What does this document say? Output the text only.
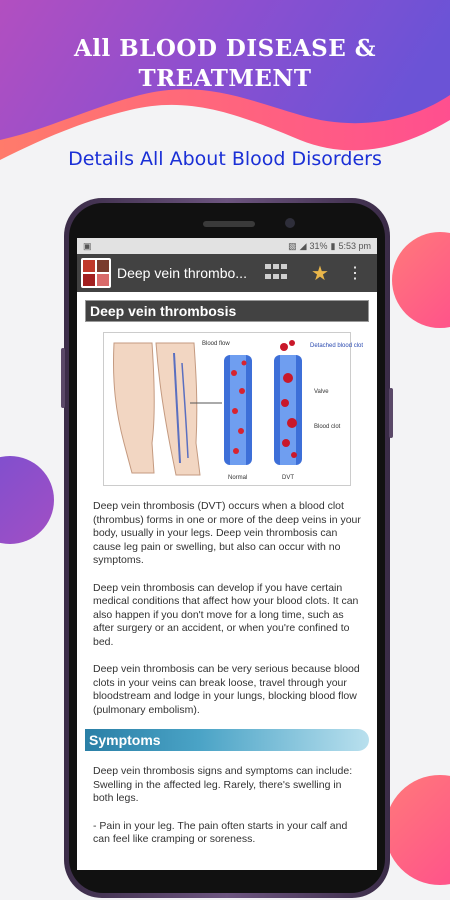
All BLOOD DISEASE &
TREATMENT
Details All About Blood Disorders
▣	▧ ◢ 31% ▮ 5:53 pm
Deep vein thrombo...	★ ⋮
Deep vein thrombosis
Blood flow	Detached blood clot
Valve
Blood clot
Normal	DVT

Deep vein thrombosis (DVT) occurs when a blood clot (thrombus) forms in one or more of the deep veins in your body, usually in your legs. Deep vein thrombosis can cause leg pain or swelling, but also can occur with no symptoms.

Deep vein thrombosis can develop if you have certain medical conditions that affect how your blood clots. It can also happen if you don't move for a long time, such as after surgery or an accident, or when you're confined to bed.

Deep vein thrombosis can be very serious because blood clots in your veins can break loose, travel through your bloodstream and lodge in your lungs, blocking blood flow (pulmonary embolism).

Symptoms

Deep vein thrombosis signs and symptoms can include: Swelling in the affected leg. Rarely, there's swelling in both legs.

- Pain in your leg. The pain often starts in your calf and can feel like cramping or soreness.
